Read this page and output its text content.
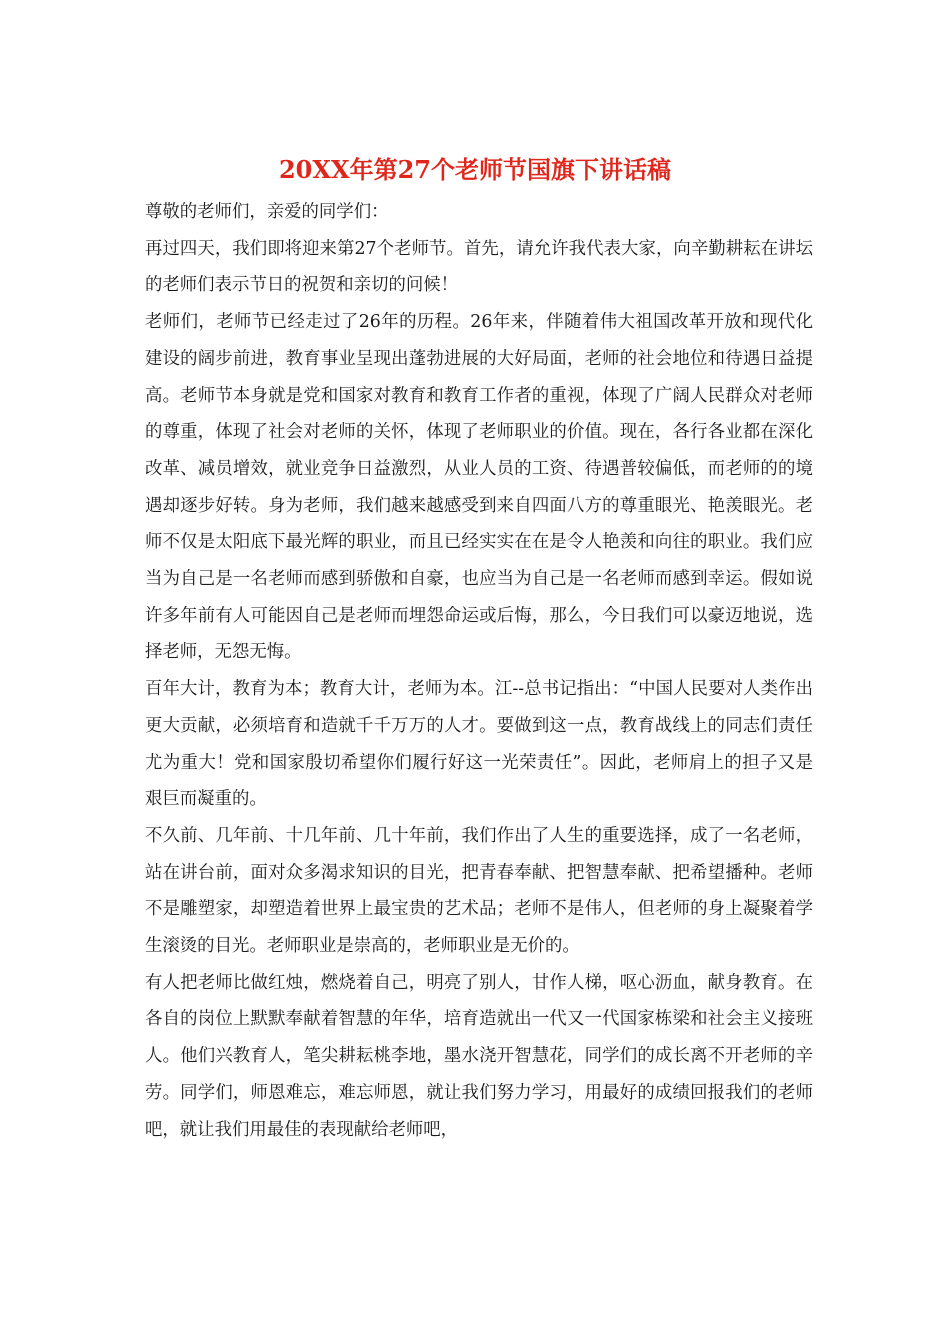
20XX年第27个老师节国旗下讲话稿

尊敬的老师们，亲爱的同学们：

再过四天，我们即将迎来第27个老师节。首先，请允许我代表大家，向辛勤耕耘在讲坛的老师们表示节日的祝贺和亲切的问候！

老师们，老师节已经走过了26年的历程。26年来，伴随着伟大祖国改革开放和现代化建设的阔步前进，教育事业呈现出蓬勃进展的大好局面，老师的社会地位和待遇日益提高。老师节本身就是党和国家对教育和教育工作者的重视，体现了广阔人民群众对老师的尊重，体现了社会对老师的关怀，体现了老师职业的价值。现在，各行各业都在深化改革、减员增效，就业竞争日益激烈，从业人员的工资、待遇普较偏低，而老师的的境遇却逐步好转。身为老师，我们越来越感受到来自四面八方的尊重眼光、艳羡眼光。老师不仅是太阳底下最光辉的职业，而且已经实实在在是令人艳羡和向往的职业。我们应当为自己是一名老师而感到骄傲和自豪，也应当为自己是一名老师而感到幸运。假如说许多年前有人可能因自己是老师而埋怨命运或后悔，那么，今日我们可以豪迈地说，选择老师，无怨无悔。

百年大计，教育为本；教育大计，老师为本。江--总书记指出：“中国人民要对人类作出更大贡献，必须培育和造就千千万万的人才。要做到这一点，教育战线上的同志们责任尤为重大！党和国家殷切希望你们履行好这一光荣责任”。因此，老师肩上的担子又是艰巨而凝重的。

不久前、几年前、十几年前、几十年前，我们作出了人生的重要选择，成了一名老师，站在讲台前，面对众多渴求知识的目光，把青春奉献、把智慧奉献、把希望播种。老师不是雕塑家，却塑造着世界上最宝贵的艺术品；老师不是伟人，但老师的身上凝聚着学生滚烫的目光。老师职业是崇高的，老师职业是无价的。

有人把老师比做红烛，燃烧着自己，明亮了别人，甘作人梯，呕心沥血，献身教育。在各自的岗位上默默奉献着智慧的年华，培育造就出一代又一代国家栋梁和社会主义接班人。他们兴教育人，笔尖耕耘桃李地，墨水浇开智慧花，同学们的成长离不开老师的辛劳。同学们，师恩难忘，难忘师恩，就让我们努力学习，用最好的成绩回报我们的老师吧，就让我们用最佳的表现献给老师吧，
